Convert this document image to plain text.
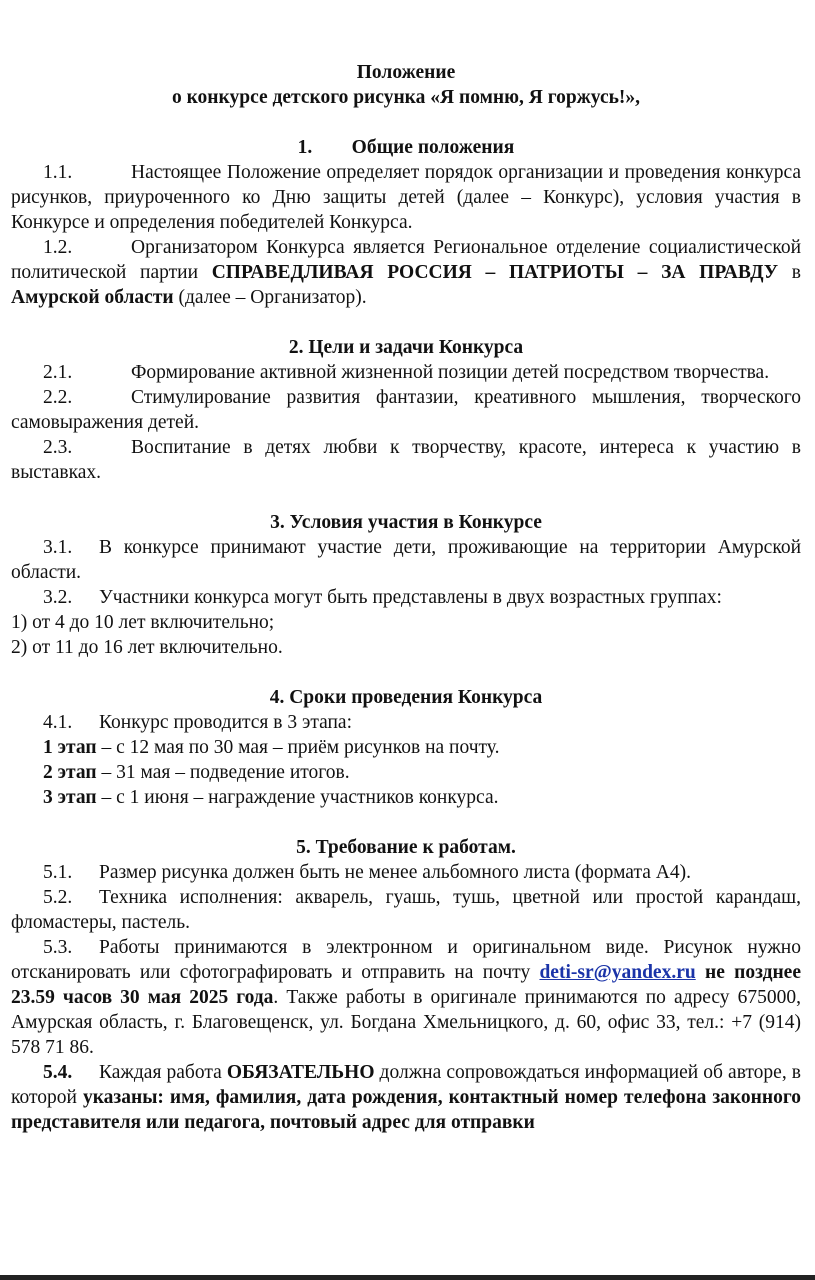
Положение
о конкурсе детского рисунка «Я помню, Я горжусь!»,
1. Общие положения
1.1.	Настоящее Положение определяет порядок организации и проведения конкурса рисунков, приуроченного ко Дню защиты детей (далее – Конкурс), условия участия в Конкурсе и определения победителей Конкурса.
1.2.	Организатором Конкурса является Региональное отделение социалистической политической партии СПРАВЕДЛИВАЯ РОССИЯ – ПАТРИОТЫ – ЗА ПРАВДУ в Амурской области (далее – Организатор).
2. Цели и задачи Конкурса
2.1.	Формирование активной жизненной позиции детей посредством творчества.
2.2.	Стимулирование развития фантазии, креативного мышления, творческого самовыражения детей.
2.3.	Воспитание в детях любви к творчеству, красоте, интереса к участию в выставках.
3. Условия участия в Конкурсе
3.1. В конкурсе принимают участие дети, проживающие на территории Амурской области.
3.2. Участники конкурса могут быть представлены в двух возрастных группах:
1) от 4 до 10 лет включительно;
2) от 11 до 16 лет включительно.
4. Сроки проведения Конкурса
4.1. Конкурс проводится в 3 этапа:
1 этап – с 12 мая по 30 мая – приём рисунков на почту.
2 этап – 31 мая – подведение итогов.
3 этап – с 1 июня – награждение участников конкурса.
5. Требование к работам.
5.1. Размер рисунка должен быть не менее альбомного листа (формата А4).
5.2. Техника исполнения: акварель, гуашь, тушь, цветной или простой карандаш, фломастеры, пастель.
5.3. Работы принимаются в электронном и оригинальном виде. Рисунок нужно отсканировать или сфотографировать и отправить на почту deti-sr@yandex.ru не позднее 23.59 часов 30 мая 2025 года. Также работы в оригинале принимаются по адресу 675000, Амурская область, г. Благовещенск, ул. Богдана Хмельницкого, д. 60, офис 33, тел.: +7 (914) 578 71 86.
5.4. Каждая работа ОБЯЗАТЕЛЬНО должна сопровождаться информацией об авторе, в которой указаны: имя, фамилия, дата рождения, контактный номер телефона законного представителя или педагога, почтовый адрес для отправки
